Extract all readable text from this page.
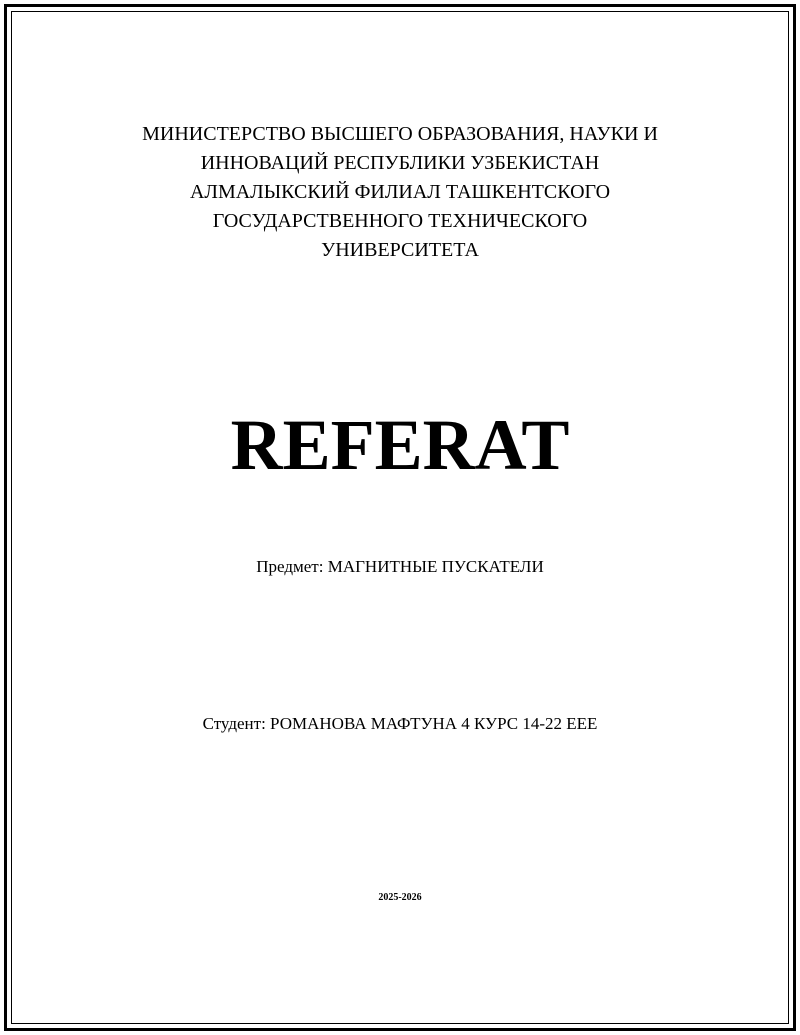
МИНИСТЕРСТВО ВЫСШЕГО ОБРАЗОВАНИЯ, НАУКИ И
ИННОВАЦИЙ РЕСПУБЛИКИ УЗБЕКИСТАН
АЛМАЛЫКСКИЙ ФИЛИАЛ ТАШКЕНТСКОГО
ГОСУДАРСТВЕННОГО ТЕХНИЧЕСКОГО
УНИВЕРСИТЕТА
REFERAT
Предмет: МАГНИТНЫЕ ПУСКАТЕЛИ
Студент: РОМАНОВА МАФТУНА 4 КУРС 14-22 EEE
2025-2026
